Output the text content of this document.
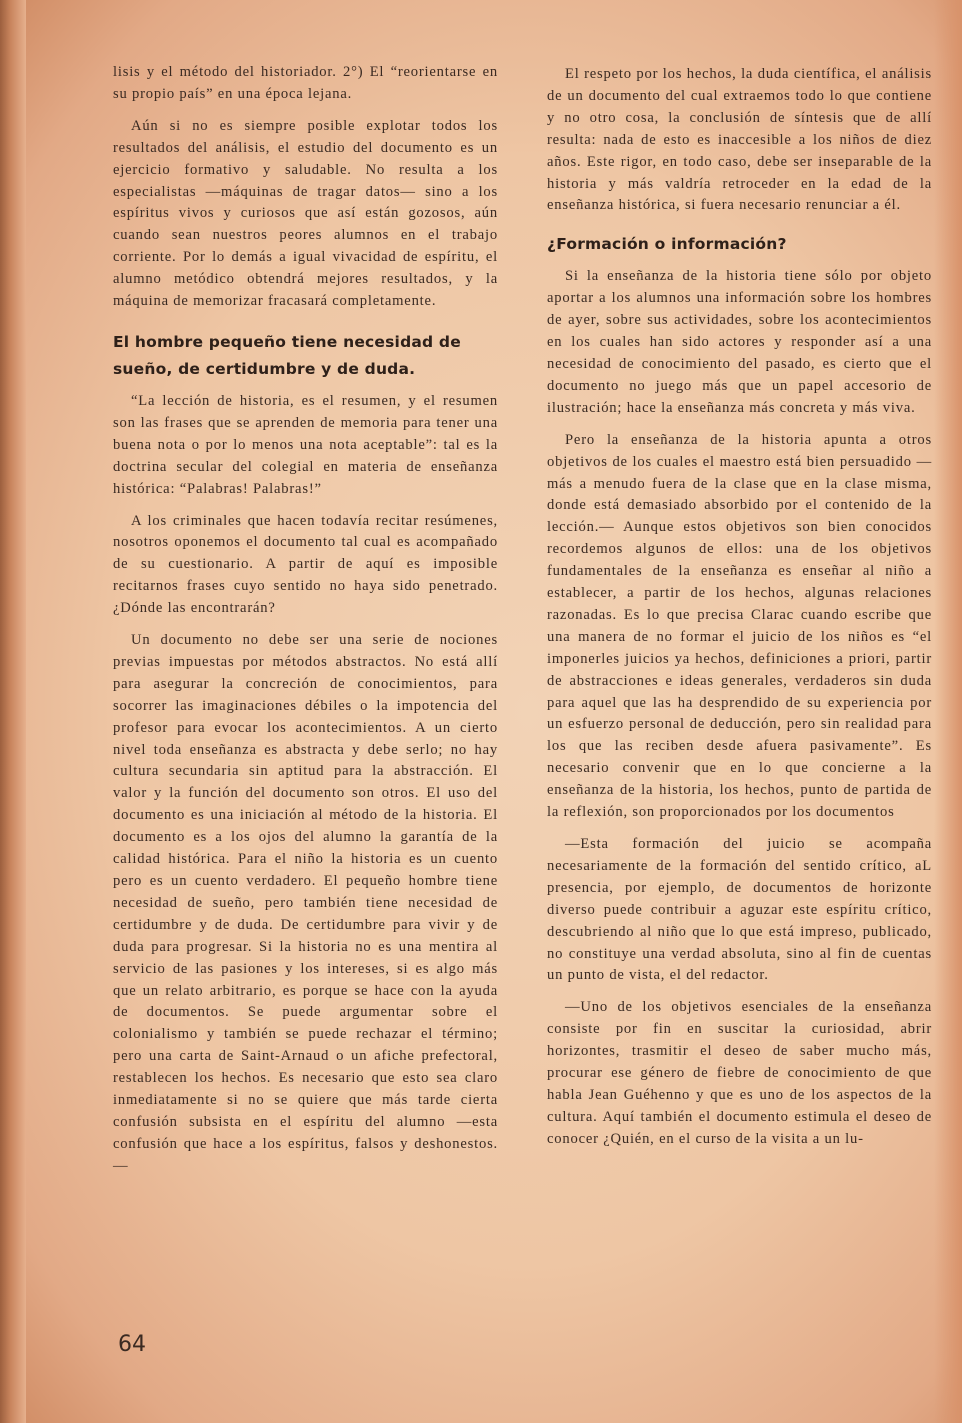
lisis y el método del historiador. 2°) El “reorientarse en su propio país” en una época lejana.

Aún si no es siempre posible explotar todos los resultados del análisis, el estudio del documento es un ejercicio formativo y saludable. No resulta a los especialistas —máquinas de tragar datos— sino a los espíritus vivos y curiosos que así están gozosos, aún cuando sean nuestros peores alumnos en el trabajo corriente. Por lo demás a igual vivacidad de espíritu, el alumno metódico obtendrá mejores resultados, y la máquina de memorizar fracasará completamente.

El hombre pequeño tiene necesidad de sueño, de certidumbre y de duda.

“La lección de historia, es el resumen, y el resumen son las frases que se aprenden de memoria para tener una buena nota o por lo menos una nota aceptable”: tal es la doctrina secular del colegial en materia de enseñanza histórica: “Palabras! Palabras!”

A los criminales que hacen todavía recitar resúmenes, nosotros oponemos el documento tal cual es acompañado de su cuestionario. A partir de aquí es imposible recitarnos frases cuyo sentido no haya sido penetrado. ¿Dónde las encontrarán?

Un documento no debe ser una serie de nociones previas impuestas por métodos abstractos. No está allí para asegurar la concreción de conocimientos, para socorrer las imaginaciones débiles o la impotencia del profesor para evocar los acontecimientos. A un cierto nivel toda enseñanza es abstracta y debe serlo; no hay cultura secundaria sin aptitud para la abstracción. El valor y la función del documento son otros. El uso del documento es una iniciación al método de la historia. El documento es a los ojos del alumno la garantía de la calidad histórica. Para el niño la historia es un cuento pero es un cuento verdadero. El pequeño hombre tiene necesidad de sueño, pero también tiene necesidad de certidumbre y de duda. De certidumbre para vivir y de duda para progresar. Si la historia no es una mentira al servicio de las pasiones y los intereses, si es algo más que un relato arbitrario, es porque se hace con la ayuda de documentos. Se puede argumentar sobre el colonialismo y también se puede rechazar el término; pero una carta de Saint-Arnaud o un afiche prefectoral, restablecen los hechos. Es necesario que esto sea claro inmediatamente si no se quiere que más tarde cierta confusión subsista en el espíritu del alumno —esta confusión que hace a los espíritus, falsos y deshonestos.—

El respeto por los hechos, la duda científica, el análisis de un documento del cual extraemos todo lo que contiene y no otro cosa, la conclusión de síntesis que de allí resulta: nada de esto es inaccesible a los niños de diez años. Este rigor, en todo caso, debe ser inseparable de la historia y más valdría retroceder en la edad de la enseñanza histórica, si fuera necesario renunciar a él.

¿Formación o información?

Si la enseñanza de la historia tiene sólo por objeto aportar a los alumnos una información sobre los hombres de ayer, sobre sus actividades, sobre los acontecimientos en los cuales han sido actores y responder así a una necesidad de conocimiento del pasado, es cierto que el documento no juego más que un papel accesorio de ilustración; hace la enseñanza más concreta y más viva.

Pero la enseñanza de la historia apunta a otros objetivos de los cuales el maestro está bien persuadido — más a menudo fuera de la clase que en la clase misma, donde está demasiado absorbido por el contenido de la lección.— Aunque estos objetivos son bien conocidos recordemos algunos de ellos: una de los objetivos fundamentales de la enseñanza es enseñar al niño a establecer, a partir de los hechos, algunas relaciones razonadas. Es lo que precisa Clarac cuando escribe que una manera de no formar el juicio de los niños es “el imponerles juicios ya hechos, definiciones a priori, partir de abstracciones e ideas generales, verdaderos sin duda para aquel que las ha desprendido de su experiencia por un esfuerzo personal de deducción, pero sin realidad para los que las reciben desde afuera pasivamente”. Es necesario convenir que en lo que concierne a la enseñanza de la historia, los hechos, punto de partida de la reflexión, son proporcionados por los documentos

—Esta formación del juicio se acompaña necesariamente de la formación del sentido crítico, aL presencia, por ejemplo, de documentos de horizonte diverso puede contribuir a aguzar este espíritu crítico, descubriendo al niño que lo que está impreso, publicado, no constituye una verdad absoluta, sino al fin de cuentas un punto de vista, el del redactor.

—Uno de los objetivos esenciales de la enseñanza consiste por fin en suscitar la curiosidad, abrir horizontes, trasmitir el deseo de saber mucho más, procurar ese género de fiebre de conocimiento de que habla Jean Guéhenno y que es uno de los aspectos de la cultura. Aquí también el documento estimula el deseo de conocer ¿Quién, en el curso de la visita a un lu-

64
